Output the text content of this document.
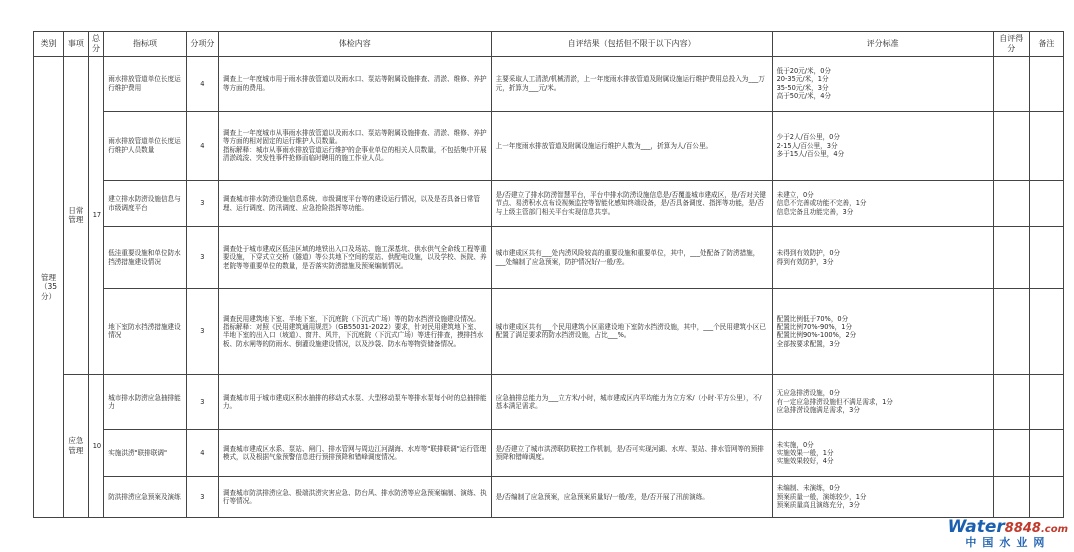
类别	事项	总分	指标项	分项分	体检内容	自评结果（包括但不限于以下内容）	评分标准	自评得分	备注
管理
（35分）	日常管理	17	雨水排放管道单位长度运行维护费用	4	调查上一年度城市用于雨水排放管道以及雨水口、泵站等附属设施排查、清淤、维修、养护等方面的费用。	主要采取人工清淤/机械清淤，上一年度雨水排放管道及附属设施运行维护费用总投入为___万元，折算为___元/米。	低于20元/米，0分
20-35元/米，1分
35-50元/米，3分
高于50元/米，4分		
			雨水排放管道单位长度运行维护人员数量	4	调查上一年度城市从事雨水排放管道以及雨水口、泵站等附属设施排查、清淤、维修、养护等方面的相对固定的运行维护人员数量。
指标解释：城市从事雨水排放管道运行维护的企事业单位的相关人员数量，不包括集中开展清淤疏浚、突发性事件抢修而临时聘用的施工作业人员。	上一年度雨水排放管道及附属设施运行维护人数为___，折算为人/百公里。	少于2人/百公里，0分
2-15人/百公里，3分
多于15人/百公里，4分		
			建立排水防涝设施信息与市级调度平台	3	调查城市排水防涝设施信息系统、市级调度平台等的建设运行情况，以及是否具备日常管理、运行调度、防汛调度、应急抢险指挥等功能。	是/否建立了排水防涝智慧平台，平台中排水防涝设施信息是/否覆盖城市建成区，是/否对关键节点、易涝积水点布设视频监控等智能化感知终端设备，是/否具备调度、指挥等功能，是/否与上级主管部门相关平台实现信息共享。	未建立，0分
信息不完善或功能不完善，1分
信息完备且功能完善，3分		
			低洼重要设施和单位防水挡涝措施建设情况	3	调查处于城市建成区低洼区域的地铁出入口及场站、施工深基坑、供水供气全命线工程等重要设施，下穿式立交桥（隧道）等公共地下空间的泵站、供配电设施，以及学校、医院、养老院等等重要单位的数量，是否落实防涝措施及预案编制情况。	城市建成区共有___处内涝风险较高的重要设施和重要单位，其中，___处配备了防涝措施，___处编制了应急预案，防护情况好/一般/差。	未得到有效防护，0分
得到有效防护，3分		
			地下室防水挡涝措施建设情况	3	调查民用建筑地下室、半地下室，下沉庭院（下沉式广场）等的防水挡涝设施建设情况。
指标解释：对照《民用建筑通用规范》（GB55031-2022）要求，针对民用建筑地下室、半地下室的出入口（坡道）、窗井、风井，下沉庭院（下沉式广场）等进行排查，摸排挡水板、防水闸等的防雨水、倒灌设施建设情况，以及沙袋、防水布等物资储备情况。	城市建成区共有___个民用建筑小区需建设地下室防水挡涝设施，其中，___个民用建筑小区已配置了满足要求的防水挡涝设施，占比___%。	配置比例低于70%，0分
配置比例70%-90%，1分
配置比例90%-100%，2分
全部按要求配置，3分		
	应急管理	10	城市排水防涝应急抽排能力	3	调查城市用于城市建成区积水抽排的移动式水泵、大型移动泵车等排水泵每小时的总抽排能力。	应急抽排总能力为___立方米/小时，城市建成区内平均能力为立方米/（小时·平方公里），不/基本满足需求。	无应急排涝设施，0分
有一定应急排涝设施但不满足需求，1分
应急排涝设施满足需求，3分		
			实施洪涝"联排联调"	4	调查城市建成区水系、泵站、闸门、排水管网与周边江河湖海、水库等"联排联调"运行管理模式，以及根据气象预警信息进行预排预降和错峰调度情况。	是/否建立了城市洪涝联防联控工作机制，是/否可实现河湖、水库、泵站、排水管网等的预排预降和错峰调度。	未实施，0分
实施效果一般，1分
实施效果较好，4分		
			防洪排涝应急预案及演练	3	调查城市防洪排涝应急、极端洪涝灾害应急、防台风、排水防涝等应急预案编制、演练、执行等情况。	是/否编制了应急预案，应急预案质量好/一般/差，是/否开展了汛前演练。	未编制、未演练，0分
预案质量一般，演练较少，1分
预案质量高且演练充分，3分		
Water8848.com
中国水业网
